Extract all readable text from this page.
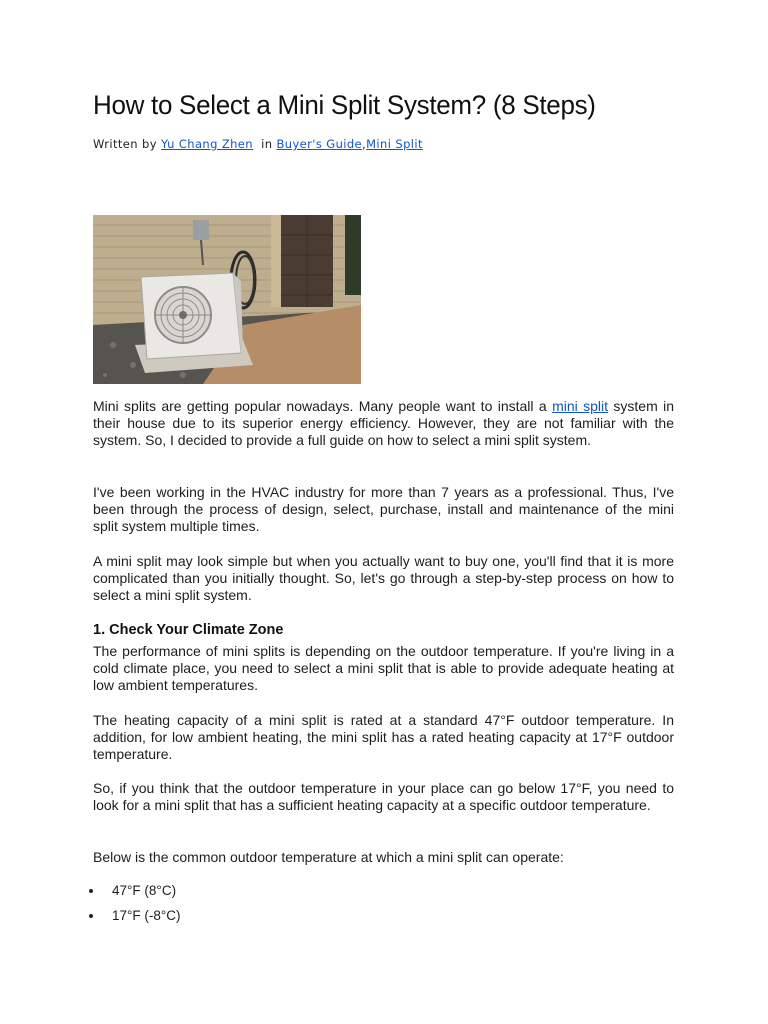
How to Select a Mini Split System? (8 Steps)
Written by Yu Chang Zhen in Buyer's Guide,Mini Split

Mini splits are getting popular nowadays. Many people want to install a mini split system in their house due to its superior energy efficiency. However, they are not familiar with the system. So, I decided to provide a full guide on how to select a mini split system.

I've been working in the HVAC industry for more than 7 years as a professional. Thus, I've been through the process of design, select, purchase, install and maintenance of the mini split system multiple times.

A mini split may look simple but when you actually want to buy one, you'll find that it is more complicated than you initially thought. So, let's go through a step-by-step process on how to select a mini split system.

1. Check Your Climate Zone

The performance of mini splits is depending on the outdoor temperature. If you're living in a cold climate place, you need to select a mini split that is able to provide adequate heating at low ambient temperatures.

The heating capacity of a mini split is rated at a standard 47°F outdoor temperature. In addition, for low ambient heating, the mini split has a rated heating capacity at 17°F outdoor temperature.

So, if you think that the outdoor temperature in your place can go below 17°F, you need to look for a mini split that has a sufficient heating capacity at a specific outdoor temperature.

Below is the common outdoor temperature at which a mini split can operate:

47°F (8°C)
17°F (-8°C)
